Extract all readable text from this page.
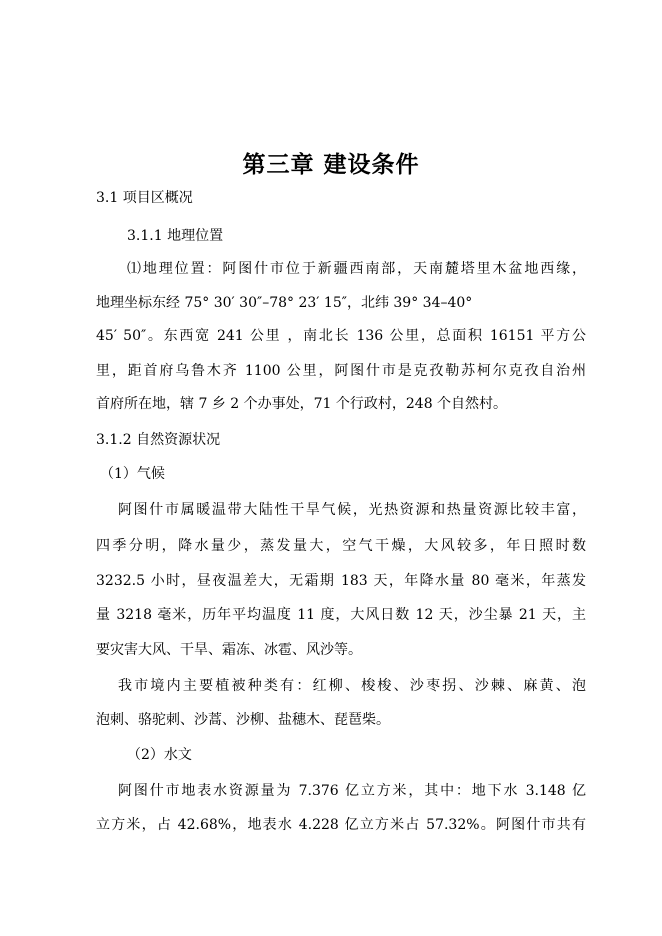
第三章 建设条件
3.1 项目区概况
3.1.1 地理位置
⑴地理位置：阿图什市位于新疆西南部，天南麓塔里木盆地西缘，
地理坐标东经 75° 30′ 30″–78° 23′ 15″，北纬 39° 34–40°
45′ 50″。东西宽 241 公里 ，南北长 136 公里，总面积 16151 平方公
里，距首府乌鲁木齐 1100 公里，阿图什市是克孜勒苏柯尔克孜自治州
首府所在地，辖 7 乡 2 个办事处，71 个行政村，248 个自然村。
3.1.2 自然资源状况
（1）气候
阿图什市属暖温带大陆性干旱气候，光热资源和热量资源比较丰富，
四季分明，降水量少，蒸发量大，空气干燥，大风较多，年日照时数
3232.5 小时，昼夜温差大，无霜期 183 天，年降水量 80 毫米，年蒸发
量 3218 毫米，历年平均温度 11 度，大风日数 12 天，沙尘暴 21 天，主
要灾害大风、干旱、霜冻、冰雹、风沙等。
我市境内主要植被种类有：红柳、梭梭、沙枣拐、沙棘、麻黄、泡
泡刺、骆驼刺、沙蒿、沙柳、盐穗木、琵琶柴。
（2）水文
阿图什市地表水资源量为 7.376 亿立方米，其中：地下水 3.148 亿
立方米，占 42.68%，地表水 4.228 亿立方米占 57.32%。阿图什市共有
